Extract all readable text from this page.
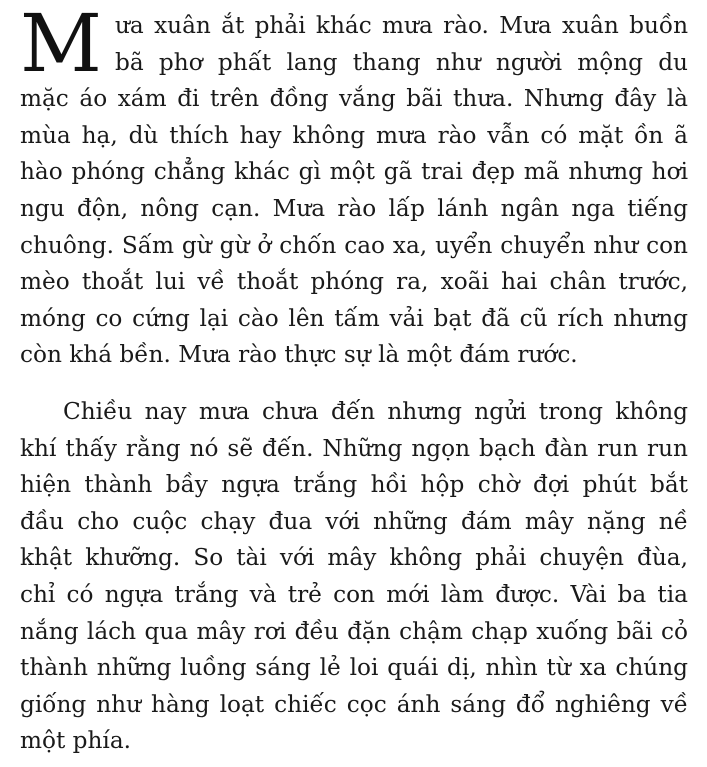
M ưa xuân ắt phải khác mưa rào. Mưa xuân buồn
bã phơ phất lang thang như người mộng du
mặc áo xám đi trên đồng vắng bãi thưa. Nhưng đây là
mùa hạ, dù thích hay không mưa rào vẫn có mặt ồn ã
hào phóng chẳng khác gì một gã trai đẹp mã nhưng hơi
ngu độn, nông cạn. Mưa rào lấp lánh ngân nga tiếng
chuông. Sấm gừ gừ ở chốn cao xa, uyển chuyển như con
mèo thoắt lui về thoắt phóng ra, xoãi hai chân trước,
móng co cứng lại cào lên tấm vải bạt đã cũ rích nhưng
còn khá bền. Mưa rào thực sự là một đám rước.
Chiều nay mưa chưa đến nhưng ngửi trong không
khí thấy rằng nó sẽ đến. Những ngọn bạch đàn run run
hiện thành bầy ngựa trắng hồi hộp chờ đợi phút bắt
đầu cho cuộc chạy đua với những đám mây nặng nề
khật khưỡng. So tài với mây không phải chuyện đùa,
chỉ có ngựa trắng và trẻ con mới làm được. Vài ba tia
nắng lách qua mây rơi đều đặn chậm chạp xuống bãi cỏ
thành những luồng sáng lẻ loi quái dị, nhìn từ xa chúng
giống như hàng loạt chiếc cọc ánh sáng đổ nghiêng về
một phía.
